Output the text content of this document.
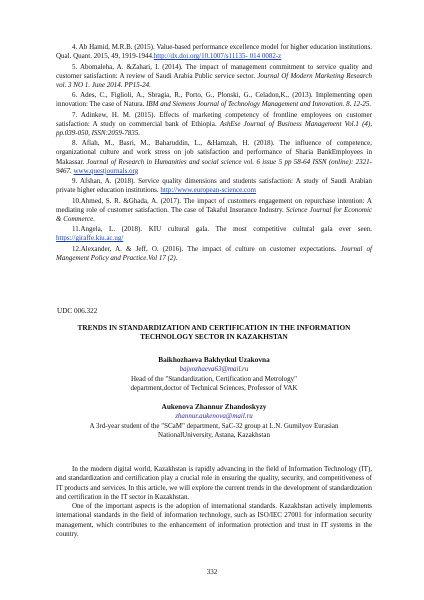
4. Ab Hamid, M.R.B. (2015). Value-based performance excellence model for higher education institutions. Qual. Quant. 2015, 49, 1919-1944.http://dx.doi.org/10.1007/s11135- 014 0082-z

5. Abomaleha, A. &Zahari, I. (2014). The impact of management commitment to service quality and customer satisfaction: A review of Saudi Arabia Public service sector. Journal Of Modern Marketing Research vol. 3 NO 1. June 2014. PP15-24.

6. Ades, C., Figlioli, A., Sbragia, R., Porto, G., Plonski, G., Celadon,K., (2013). Implementing open innovation: The case of Natura. IBM and Siemens Journal of Technology Management and Innovation. 8. 12-25.

7. Adinkew, H. M. (2015). Effects of marketing competency of frontline employees on customer satisfaction: A study on commercial bank of Ethiopia. AshEse Journal of Business Management Vol.1 (4), pp.039-050, ISSN:2059-7835.

8. Afiah, M., Basri, M., Baharuddin, L., &Hamzah, H. (2018). The influence of competence, organizational culture and work stress on job satisfaction and performance of Sharia BankEmployees in Makassar. Journal of Research in Humanities and social science vol. 6 issue 5 pp 58-64 ISSN (online): 2321-9467. www.questjournals.org

9. Afshan, A. (2018). Service quality dimensions and students satisfaction: A study of Saudi Arabian private higher education institutions. http://www.european-science.com

10.Ahmed, S. R. &Ghada, A. (2017). The impact of customers engagement on repurchase intention: A mediating role of customer satisfaction. The case of Takaful Insurance Industry. Science Journal for Economic & Commerce.

11.Angela, L. (2018). KIU cultural gala. The most competitive cultural gala ever seen. https://giraffe.kiu.ac.ug/

12.Alexander, A. & Jeff, O. (2016). The impact of culture on customer expectations. Journal of Mangement Policy and Practice.Vol 17 (2).

UDC 006.322
TRENDS IN STANDARDIZATION AND CERTIFICATION IN THE INFORMATION TECHNOLOGY SECTOR IN KAZAKHSTAN
Baikhozhaeva Bakhytkul Uzakovna
bajxozhaeva63@mail.ru
Head of the "Standardization, Certification and Metrology"
department,doctor of Technical Sciences, Professor of VAK
Aukenova Zhannur Zhandoskyzy
zhannur.aukenova@mail.ru
A 3rd-year student of the "SCaM" department, SaC-32 group at L.N. Gumilyov Eurasian
NationalUniversity, Astana, Kazakhstan

In the modern digital world, Kazakhstan is rapidly advancing in the field of Information Technology (IT), and standardization and certification play a crucial role in ensuring the quality, security, and competitiveness of IT products and services. In this article, we will explore the current trends in the development of standardization and certification in the IT sector in Kazakhstan.

One of the important aspects is the adoption of international standards. Kazakhstan actively implements international standards in the field of information technology, such as ISO/IEC 27001 for information security management, which contributes to the enhancement of information protection and trust in IT systems in the country.

332
